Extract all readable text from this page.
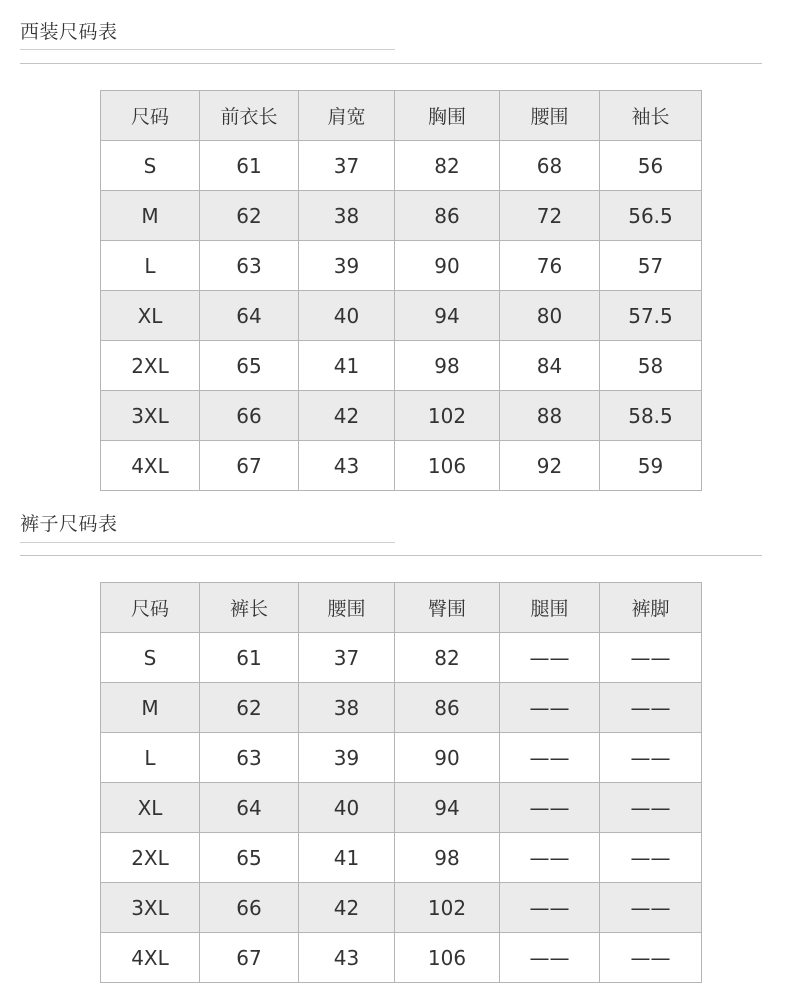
西装尺码表
尺码	前衣长	肩宽	胸围	腰围	袖长
S	61	37	82	68	56
M	62	38	86	72	56.5
L	63	39	90	76	57
XL	64	40	94	80	57.5
2XL	65	41	98	84	58
3XL	66	42	102	88	58.5
4XL	67	43	106	92	59
裤子尺码表
尺码	裤长	腰围	臀围	腿围	裤脚
S	61	37	82	——	——
M	62	38	86	——	——
L	63	39	90	——	——
XL	64	40	94	——	——
2XL	65	41	98	——	——
3XL	66	42	102	——	——
4XL	67	43	106	——	——
